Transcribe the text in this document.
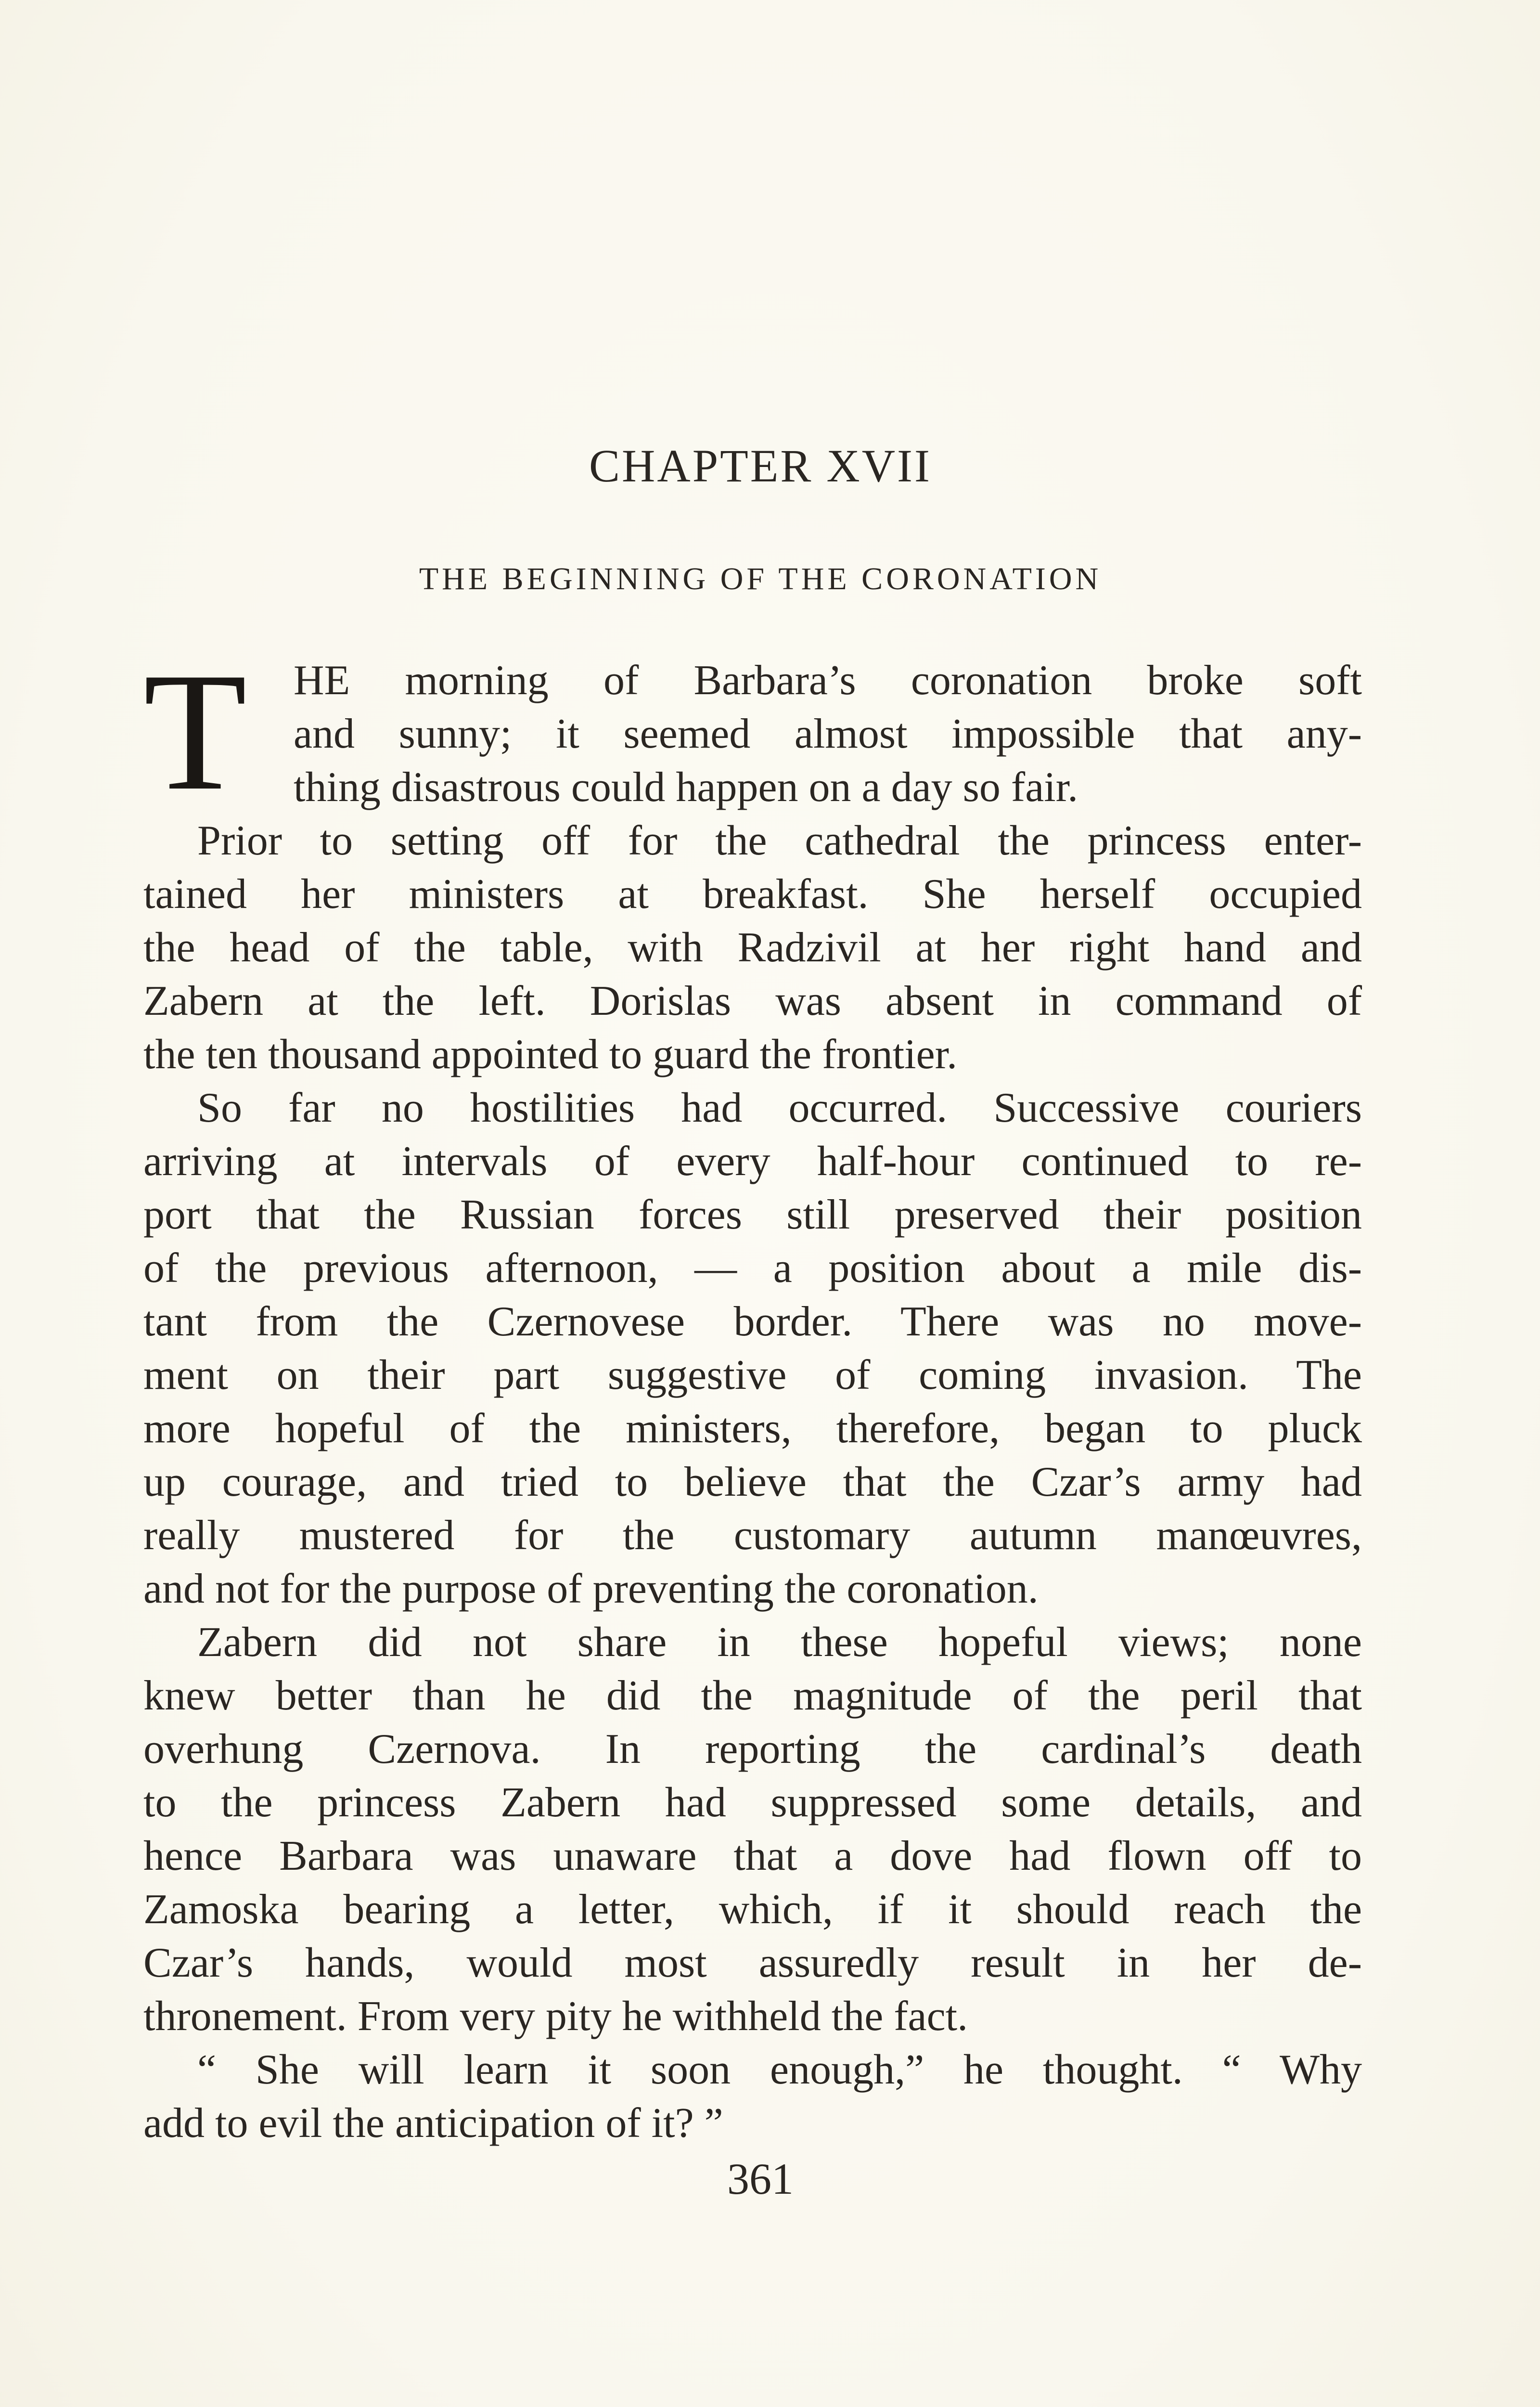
CHAPTER XVII
THE BEGINNING OF THE CORONATION
T	HE morning of Barbara’s coronation broke soft
and sunny; it seemed almost impossible that any-
thing disastrous could happen on a day so fair.
Prior to setting off for the cathedral the princess enter-
tained her ministers at breakfast. She herself occupied
the head of the table, with Radzivil at her right hand and
Zabern at the left. Dorislas was absent in command of
the ten thousand appointed to guard the frontier.
So far no hostilities had occurred. Successive couriers
arriving at intervals of every half-hour continued to re-
port that the Russian forces still preserved their position
of the previous afternoon, — a position about a mile dis-
tant from the Czernovese border. There was no move-
ment on their part suggestive of coming invasion. The
more hopeful of the ministers, therefore, began to pluck
up courage, and tried to believe that the Czar’s army had
really mustered for the customary autumn manœuvres,
and not for the purpose of preventing the coronation.
Zabern did not share in these hopeful views; none
knew better than he did the magnitude of the peril that
overhung Czernova. In reporting the cardinal’s death
to the princess Zabern had suppressed some details, and
hence Barbara was unaware that a dove had flown off to
Zamoska bearing a letter, which, if it should reach the
Czar’s hands, would most assuredly result in her de-
thronement. From very pity he withheld the fact.
“ She will learn it soon enough,” he thought. “ Why
add to evil the anticipation of it? ”
361
